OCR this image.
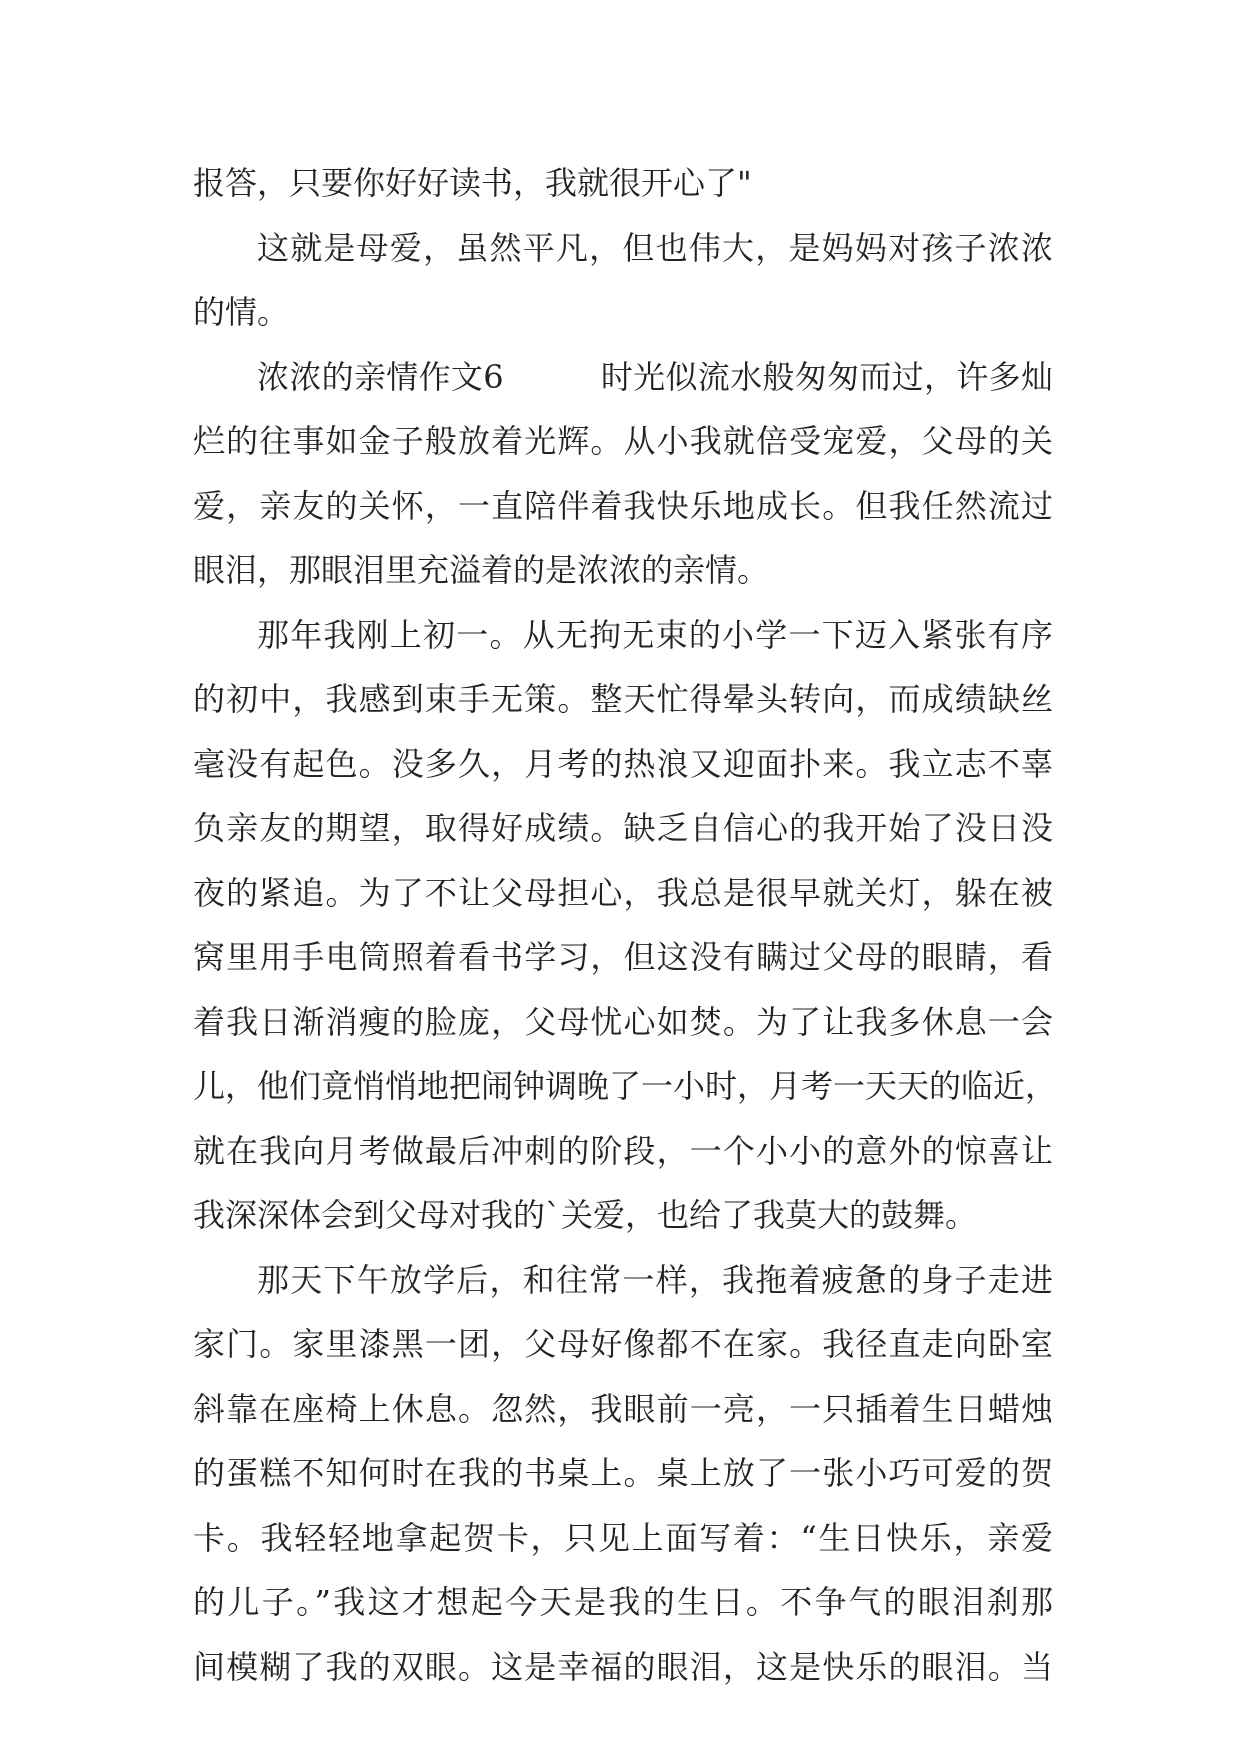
报答，只要你好好读书，我就很开心了"
这就是母爱，虽然平凡，但也伟大，是妈妈对孩子浓浓
的情。
浓浓的亲情作文6　　　时光似流水般匆匆而过，许多灿
烂的往事如金子般放着光辉。从小我就倍受宠爱，父母的关
爱，亲友的关怀，一直陪伴着我快乐地成长。但我任然流过
眼泪，那眼泪里充溢着的是浓浓的亲情。
那年我刚上初一。从无拘无束的小学一下迈入紧张有序
的初中，我感到束手无策。整天忙得晕头转向，而成绩缺丝
毫没有起色。没多久，月考的热浪又迎面扑来。我立志不辜
负亲友的期望，取得好成绩。缺乏自信心的我开始了没日没
夜的紧追。为了不让父母担心，我总是很早就关灯，躲在被
窝里用手电筒照着看书学习，但这没有瞒过父母的眼睛，看
着我日渐消瘦的脸庞，父母忧心如焚。为了让我多休息一会
儿，他们竟悄悄地把闹钟调晚了一小时，月考一天天的临近，
就在我向月考做最后冲刺的阶段，一个小小的意外的惊喜让
我深深体会到父母对我的`关爱，也给了我莫大的鼓舞。
那天下午放学后，和往常一样，我拖着疲惫的身子走进
家门。家里漆黑一团，父母好像都不在家。我径直走向卧室
斜靠在座椅上休息。忽然，我眼前一亮，一只插着生日蜡烛
的蛋糕不知何时在我的书桌上。桌上放了一张小巧可爱的贺
卡。我轻轻地拿起贺卡，只见上面写着：“生日快乐，亲爱
的儿子。”我这才想起今天是我的生日。不争气的眼泪刹那
间模糊了我的双眼。这是幸福的眼泪，这是快乐的眼泪。当
